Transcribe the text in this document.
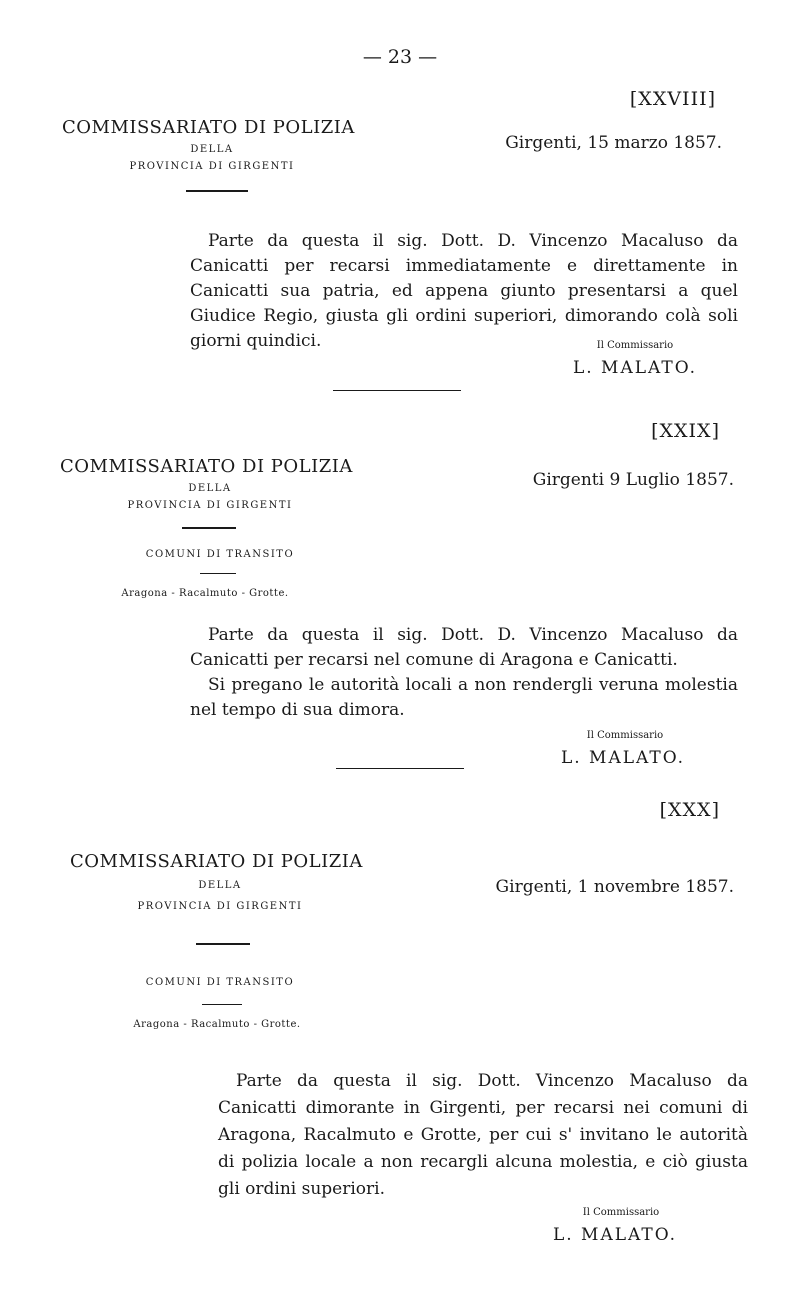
— 23 —
[XXVIII]
COMMISSARIATO DI POLIZIA
DELLA
PROVINCIA DI GIRGENTI
Girgenti, 15 marzo 1857.

Parte da questa il sig. Dott. D. Vincenzo Macaluso da Canicatti per recarsi immediatamente e direttamente in Canicatti sua patria, ed appena giunto presentarsi a quel Giudice Regio, giusta gli ordini superiori, dimorando colà soli giorni quindici.	Il Commissario
L. MALATO.
[XXIX]
COMMISSARIATO DI POLIZIA
DELLA
PROVINCIA DI GIRGENTI
COMUNI DI TRANSITO
Aragona - Racalmuto - Grotte.
Girgenti 9 Luglio 1857.

Parte da questa il sig. Dott. D. Vincenzo Macaluso da Canicatti per recarsi nel comune di Aragona e Canicatti.

Si pregano le autorità locali a non rendergli veruna molestia nel tempo di sua dimora.

Il Commissario
L. MALATO.
[XXX]
COMMISSARIATO DI POLIZIA
DELLA
PROVINCIA DI GIRGENTI
COMUNI DI TRANSITO
Aragona - Racalmuto - Grotte.
Girgenti, 1 novembre 1857.

Parte da questa il sig. Dott. Vincenzo Macaluso da Canicatti dimorante in Girgenti, per recarsi nei comuni di Aragona, Racalmuto e Grotte, per cui s' invitano le autorità di polizia locale a non recargli alcuna molestia, e ciò giusta gli ordini superiori.

Il Commissario
L. MALATO.
